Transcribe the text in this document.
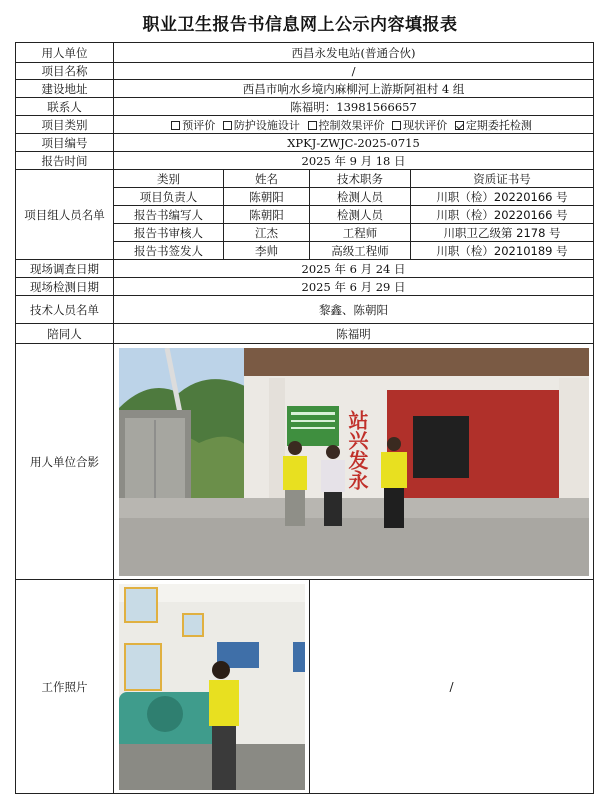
职业卫生报告书信息网上公示内容填报表
用人单位	西昌永发电站(普通合伙)			
项目名称	/			
建设地址	西昌市响水乡境内麻柳河上游斯阿祖村 4 组			
联系人	陈福明：13981566657			
项目类别	预评价 防护设施设计 控制效果评价 现状评价 定期委托检测			
项目编号	XPKJ-ZWJC-2025-0715			
报告时间	2025 年 9 月 18 日			
项目组人员名单	类别	姓名	技术职务	资质证书号
	项目负责人	陈朝阳	检测人员	川职（检）20220166 号
	报告书编写人	陈朝阳	检测人员	川职（检）20220166 号
	报告书审核人	江杰	工程师	川职卫乙级第 2178 号
	报告书签发人	李帅	高级工程师	川职（检）20210189 号
现场调查日期	2025 年 6 月 24 日			
现场检测日期	2025 年 6 月 29 日			
技术人员名单	黎鑫、陈朝阳			
陪同人	陈福明			
用人单位合影	站兴发永			

工作照片			/	
